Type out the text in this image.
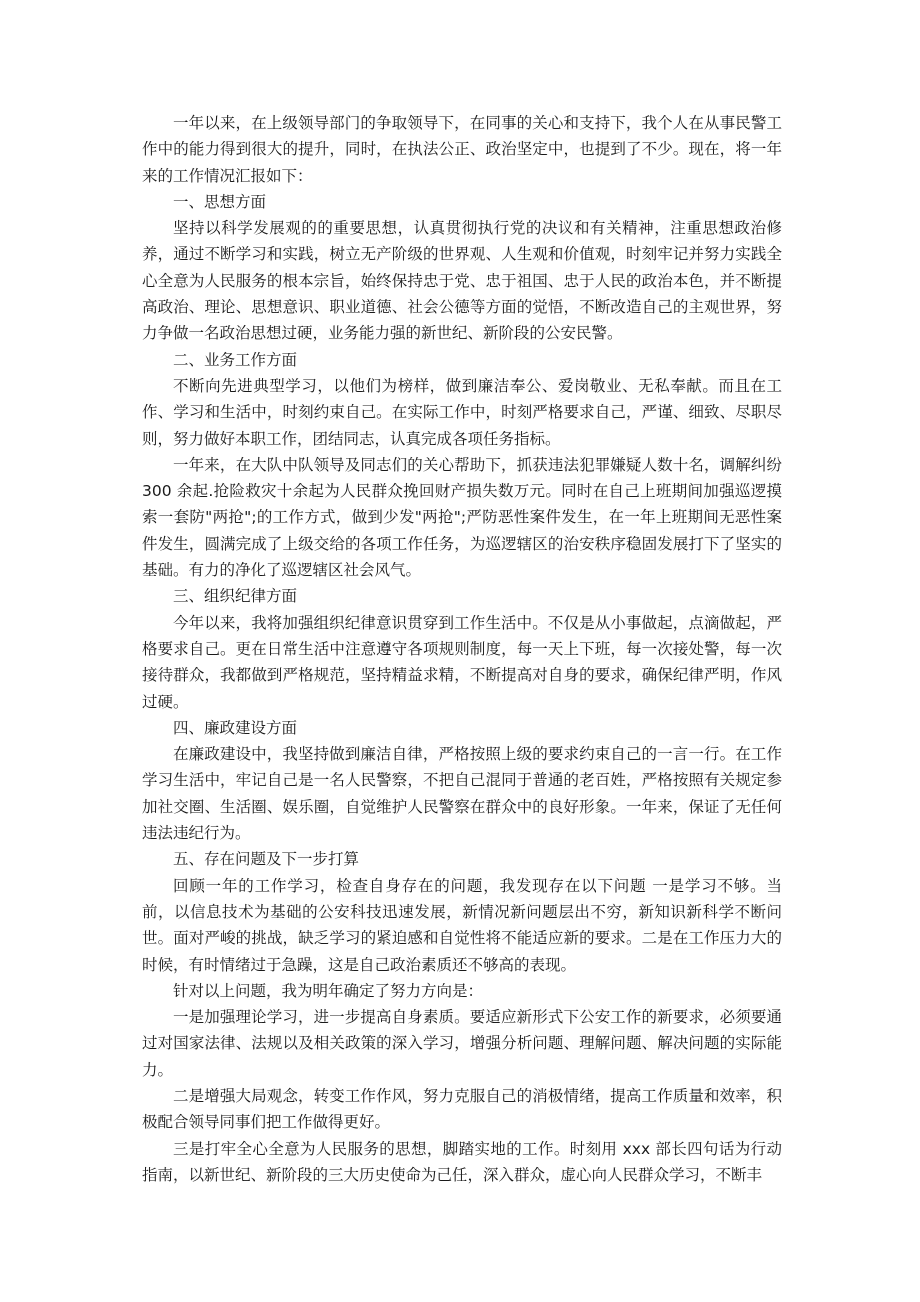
一年以来，在上级领导部门的争取领导下，在同事的关心和支持下，我个人在从事民警工作中的能力得到很大的提升，同时，在执法公正、政治坚定中，也提到了不少。现在，将一年来的工作情况汇报如下：

一、思想方面

坚持以科学发展观的的重要思想，认真贯彻执行党的决议和有关精神，注重思想政治修养，通过不断学习和实践，树立无产阶级的世界观、人生观和价值观，时刻牢记并努力实践全心全意为人民服务的根本宗旨，始终保持忠于党、忠于祖国、忠于人民的政治本色，并不断提高政治、理论、思想意识、职业道德、社会公德等方面的觉悟，不断改造自己的主观世界，努力争做一名政治思想过硬，业务能力强的新世纪、新阶段的公安民警。

二、业务工作方面

不断向先进典型学习，以他们为榜样，做到廉洁奉公、爱岗敬业、无私奉献。而且在工作、学习和生活中，时刻约束自己。在实际工作中，时刻严格要求自己，严谨、细致、尽职尽则，努力做好本职工作，团结同志，认真完成各项任务指标。

一年来，在大队中队领导及同志们的关心帮助下，抓获违法犯罪嫌疑人数十名，调解纠纷 300 余起.抢险救灾十余起为人民群众挽回财产损失数万元。同时在自己上班期间加强巡逻摸索一套防"两抢";的工作方式，做到少发"两抢";严防恶性案件发生，在一年上班期间无恶性案件发生，圆满完成了上级交给的各项工作任务，为巡逻辖区的治安秩序稳固发展打下了坚实的基础。有力的净化了巡逻辖区社会风气。

三、组织纪律方面

今年以来，我将加强组织纪律意识贯穿到工作生活中。不仅是从小事做起，点滴做起，严格要求自己。更在日常生活中注意遵守各项规则制度，每一天上下班，每一次接处警，每一次接待群众，我都做到严格规范，坚持精益求精，不断提高对自身的要求，确保纪律严明，作风过硬。

四、廉政建设方面

在廉政建设中，我坚持做到廉洁自律，严格按照上级的要求约束自己的一言一行。在工作学习生活中，牢记自己是一名人民警察，不把自己混同于普通的老百姓，严格按照有关规定参加社交圈、生活圈、娱乐圈，自觉维护人民警察在群众中的良好形象。一年来，保证了无任何违法违纪行为。

五、存在问题及下一步打算

回顾一年的工作学习，检查自身存在的问题，我发现存在以下问题 一是学习不够。当前，以信息技术为基础的公安科技迅速发展，新情况新问题层出不穷，新知识新科学不断问世。面对严峻的挑战，缺乏学习的紧迫感和自觉性将不能适应新的要求。二是在工作压力大的时候，有时情绪过于急躁，这是自己政治素质还不够高的表现。

针对以上问题，我为明年确定了努力方向是：

一是加强理论学习，进一步提高自身素质。要适应新形式下公安工作的新要求，必须要通过对国家法律、法规以及相关政策的深入学习，增强分析问题、理解问题、解决问题的实际能力。

二是增强大局观念，转变工作作风，努力克服自己的消极情绪，提高工作质量和效率，积极配合领导同事们把工作做得更好。

三是打牢全心全意为人民服务的思想，脚踏实地的工作。时刻用 xxx 部长四句话为行动指南，以新世纪、新阶段的三大历史使命为己任，深入群众，虚心向人民群众学习，不断丰
